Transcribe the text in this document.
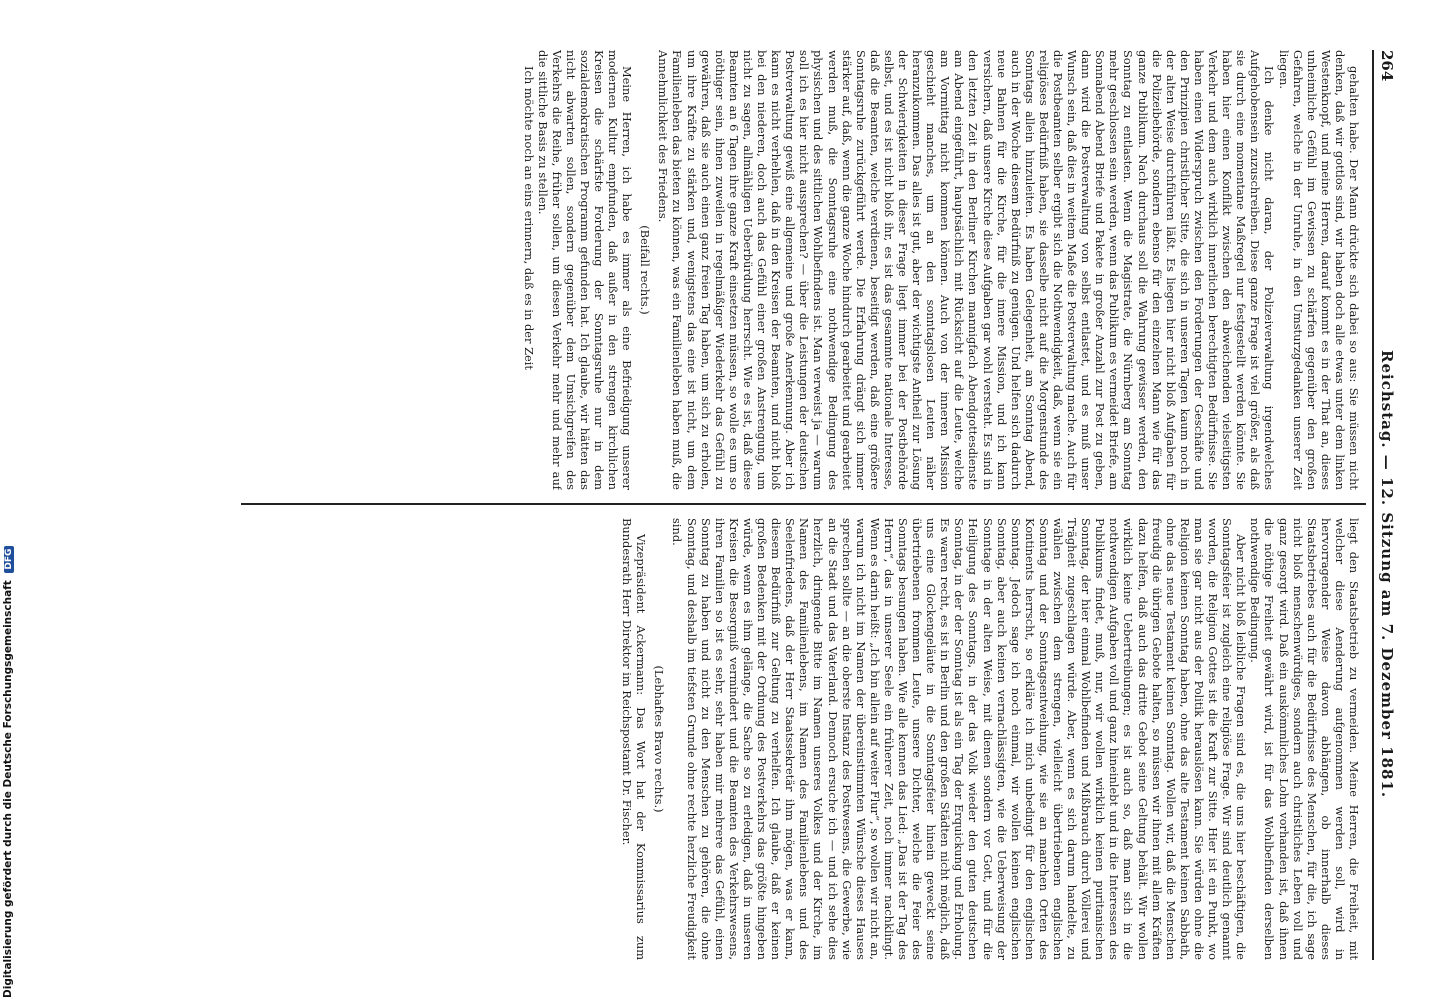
Digitalisierung gefördert durch die Deutsche Forschungsgemeinschaft DFG
264
Reichstag. — 12. Sitzung am 7. Dezember 1881.

gehalten habe. Der Mann drückte sich dabei so aus: Sie müssen nicht denken, daß wir gottlos sind, wir haben doch alle etwas unter dem linken Westenknopf, und meine Herren, darauf kommt es in der That an, dieses unheimliche Gefühl im Gewissen zu schärfen gegenüber den großen Gefahren, welche in der Unruhe, in den Umsturzgedanken unserer Zeit liegen.

Ich denke nicht daran, der Polizeiverwaltung irgendwelches Aufgehobensein zuzuschreiben. Diese ganze Frage ist viel größer, als daß sie durch eine momentane Maßregel nur festgestellt werden könnte. Sie haben hier einen Konflikt zwischen den abweichenden vielseitigsten Verkehr und dem auch wirklich innerlichen berechtigten Bedürfnisse. Sie haben einen Widerspruch zwischen den Forderungen der Geschäfte und den Prinzipien christlicher Sitte, die sich in unseren Tagen kaum noch in der alten Weise durchführen läßt. Es liegen hier nicht bloß Aufgaben für die Polizeibehörde, sondern ebenso für den einzelnen Mann wie für das ganze Publikum. Nach durchaus soll die Wahrung gewisser werden, den Sonntag zu entlasten. Wenn die Magistrate, die Nürnberg am Sonntag mehr geschlossen sein werden, wenn das Publikum es vermeidet Briefe, am Sonnabend Abend Briefe und Pakete in großer Anzahl zur Post zu geben, dann wird die Postverwaltung von selbst entlastet, und es muß unser Wunsch sein, daß dies in weitem Maße die Postverwaltung mache. Auch für die Postbeamten selber ergibt sich die Nothwendigkeit, daß, wenn sie ein religiöses Bedürfniß haben, sie dasselbe nicht auf die Morgenstunde des Sonntags allein hinzuleiten. Es haben Gelegenheit, am Sonntag Abend, auch in der Woche diesem Bedürfniß zu genügen. Und helfen sich dadurch neue Bahnen für die Kirche, für die innere Mission, und ich kann versichern, daß unsere Kirche diese Aufgaben gar wohl versteht. Es sind in den letzten Zeit in den Berliner Kirchen mannigfach Abendgottesdienste am Abend eingeführt, hauptsächlich mit Rücksicht auf die Leute, welche am Vormittag nicht kommen können. Auch von der inneren Mission geschieht manches, um an den sonntagslosen Leuten näher heranzukommen. Das alles ist gut, aber der wichtigste Antheil zur Lösung der Schwierigkeiten in dieser Frage liegt immer bei der Postbehörde selbst, und es ist nicht bloß ihr, es ist das gesammte nationale Interesse, daß die Beamten, welche verdienen, beseitigt werden, daß eine größere Sonntagsruhe zurückgeführt werde. Die Erfahrung drängt sich immer stärker auf, daß, wenn die ganze Woche hindurch gearbeitet und gearbeitet werden muß, die Sonntagsruhe eine nothwendige Bedingung des physischen und des sittlichen Wohlbefindens ist. Man verweist ja — warum soll ich es hier nicht aussprechen? — über die Leistungen der deutschen Postverwaltung gewiß eine allgemeine und große Anerkennung. Aber ich kann es nicht verhehlen, daß in den Kreisen der Beamten, und nicht bloß bei den niederen, doch auch das Gefühl einer großen Anstrengung, um nicht zu sagen, allmähligen Ueberbürdung herrscht. Wie es ist, daß diese Beamten an 6 Tagen ihre ganze Kraft einsetzen müssen, so wolle es um so nöthiger sein, ihnen zuweilen in regelmäßiger Wiederkehr das Gefühl zu gewähren, daß sie auch einen ganz freien Tag haben, um sich zu erholen, um ihre Kräfte zu stärken und, wenigstens das eine ist nicht, um dem Familienleben das bieten zu können, was ein Familienleben haben muß, die Annehmlichkeit des Friedens.

(Beifall rechts.)

Meine Herren, ich habe es immer als eine Befriedigung unserer modernen Kultur empfunden, daß außer in den strengen kirchlichen Kreisen die schärfste Forderung der Sonntagsruhe nur in dem sozialdemokratischen Programm gefunden hat. Ich glaube, wir hätten das nicht abwarten sollen, sondern gegenüber dem Umsichgreifen des Verkehrs die Reihe, früher sollen, um diesen Verkehr mehr und mehr auf die sittliche Basis zu stellen.

Ich möchte noch an eins erinnern, daß es in der Zeit

liegt den Staatsbetrieb zu vermeiden. Meine Herren, die Freiheit, mit welcher diese Aenderung aufgenommen werden soll, wird in hervorragender Weise davon abhängen, ob innerhalb dieses Staatsbetriebes auch für die Bedürfnisse des Menschen, für die, ich sage nicht bloß menschenwürdiges, sondern auch christliches Leben voll und ganz gesorgt wird. Daß ein auskömmliches Lohn vorhanden ist, daß ihnen die nöthige Freiheit gewährt wird, ist für das Wohlbefinden derselben nothwendige Bedingung.

Aber nicht bloß leibliche Fragen sind es, die uns hier beschäftigen, die Sonntagsfeier ist zugleich eine religiöse Frage. Wir sind deutlich genannt worden, die Religion Gottes ist die Kraft zur Sitte. Hier ist ein Punkt, wo man sie gar nicht aus der Politik herauslösen kann. Sie würden ohne die Religion keinen Sonntag haben, ohne das alte Testament keinen Sabbath, ohne das neue Testament keinen Sonntag. Wollen wir, daß die Menschen freudig die übrigen Gebote halten, so müssen wir ihnen mit allem Kräften dazu helfen, daß auch das dritte Gebot seine Geltung behält. Wir wollen wirklich keine Uebertreibungen; es ist auch so, daß man sich in die nothwendigen Aufgaben voll und ganz hineinlebt und in die Interessen des Publikums findet, muß, nur, wir wollen wirklich keinen puritanischen Sonntag, der hier einmal Wohlbefinden und Mißbrauch durch Völlerei und Trägheit zugeschlagen würde. Aber, wenn es sich darum handelte, zu wählen zwischen dem strengen, vielleicht übertriebenen englischen Sonntag und der Sonntagsentweihung, wie sie an manchen Orten des Kontinents herrscht, so erkläre ich mich unbedingt für den englischen Sonntag. Jedoch sage ich noch einmal, wir wollen keinen englischen Sonntag, aber auch keinen vernachlässigten, wie die Ueberweisung der Sonntage in der alten Weise, mit dienen sondern vor Gott, und für die Heiligung des Sonntags, in der das Volk wieder den guten deutschen Sonntag, in der der Sonntag ist als ein Tag der Erquickung und Erholung. Es waren recht, es ist in Berlin und den großen Städten nicht möglich, daß uns eine Glockengeläute in die Sonntagsfeier hinein geweckt seine übertriebenen frommen Leute, unsere Dichter, welche die Feier des Sonntags besungen haben. Wie alle kennen das Lied: „Das ist der Tag des Herrn“, das in unserer Seele ein früherer Zeit, noch immer nachklingt. Wenn es darin heißt: „Ich bin allein auf weiter Flur“, so wollen wir nicht an, warum ich nicht im Namen der übereinstimmten Wünsche dieses Hauses sprechen sollte — an die oberste Instanz des Postwesens, die Gewerbe, wie an die Stadt und das Vaterland. Dennoch ersuche ich — und ich sehe dies herzlich, dringende Bitte im Namen unseres Volkes und der Kirche, im Namen des Familienlebens, im Namen des Familienlebens und des Seelenfriedens, daß der Herr Staatssekretär ihm mögen, was er kann, diesem Bedürfniß zur Geltung zu verhelfen. Ich glaube, daß er keinen großen Bedenken mit der Ordnung des Postverkehrs das größte hingeben würde, wenn es ihm gelänge, die Sache so zu erledigen, daß in unseren Kreisen die Besorgniß vermindert und die Beamten des Verkehrswesens, ihren Familien so ist es sehr, sehr haben mir mehrere das Gefühl, einen Sonntag zu haben und nicht zu den Menschen zu gehören, die ohne Sonntag, und deshalb im tiefsten Grunde ohne rechte herzliche Freudigkeit sind.

(Lebhaftes Bravo rechts.)

Vizepräsident Ackermann: Das Wort hat der Kommissarius zum Bundesrath Herr Direktor im Reichspostamt Dr. Fischer.
